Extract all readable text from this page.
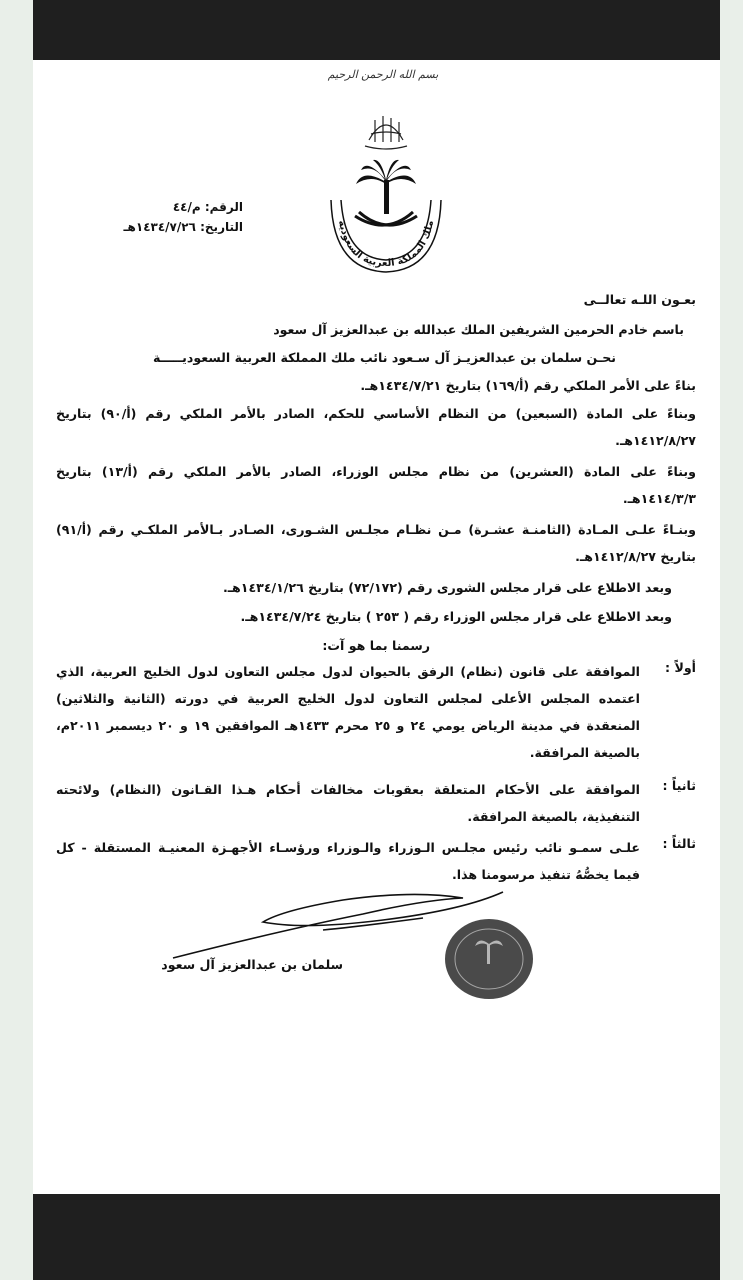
بسم الله الرحمن الرحيم
ملك المملكة العربية السعودية
الرقم: م/٤٤
التاريخ: ١٤٣٤/٧/٢٦هـ
بعـون اللـه تعالــى
باسم خادم الحرمين الشريفين الملك عبدالله بن عبدالعزيز آل سعود
نحـن سلمان بن عبدالعزيـز آل سـعود نائب ملك المملكة العربية السعوديـــــة
بناءً على الأمر الملكي رقم (أ/١٦٩) بتاريخ ١٤٣٤/٧/٢١هـ.
وبناءً على المادة (السبعين) من النظام الأساسي للحكم، الصادر بالأمر الملكي رقم (أ/٩٠) بتاريخ ١٤١٢/٨/٢٧هـ.
وبناءً على المادة (العشرين) من نظام مجلس الوزراء، الصادر بالأمر الملكي رقم (أ/١٣) بتاريخ ١٤١٤/٣/٣هـ.
وبنـاءً علـى المـادة (الثامنـة عشـرة) مـن نظـام مجلـس الشـورى، الصـادر بـالأمر الملكـي رقم (أ/٩١) بتاريخ ١٤١٢/٨/٢٧هـ.
وبعد الاطلاع على قرار مجلس الشورى رقم (٧٢/١٧٢) بتاريخ ١٤٣٤/١/٢٦هـ.
وبعد الاطلاع على قرار مجلس الوزراء رقم ( ٢٥٣ ) بتاريخ ١٤٣٤/٧/٢٤هـ.
رسمنا بما هو آت:
أولاً :
الموافقة على قانون (نظام) الرفق بالحيوان لدول مجلس التعاون لدول الخليج العربية، الذي اعتمده المجلس الأعلى لمجلس التعاون لدول الخليج العربية في دورته (الثانية والثلاثين) المنعقدة في مدينة الرياض يومي ٢٤ و ٢٥ محرم ١٤٣٣هـ الموافقين ١٩ و ٢٠ ديسمبر ٢٠١١م، بالصيغة المرافقة.
ثانياً :
الموافقة على الأحكام المتعلقة بعقوبات مخالفات أحكام هـذا القـانون (النظام) ولائحته التنفيذية، بالصيغة المرافقة.
ثالثاً :
علـى سمـو نائب رئيس مجلـس الـوزراء والـوزراء ورؤسـاء الأجهـزة المعنيـة المستقلة - كل فيما يخصُّهُ تنفيذ مرسومنا هذا.
سلمان بن عبدالعزيز آل سعود
